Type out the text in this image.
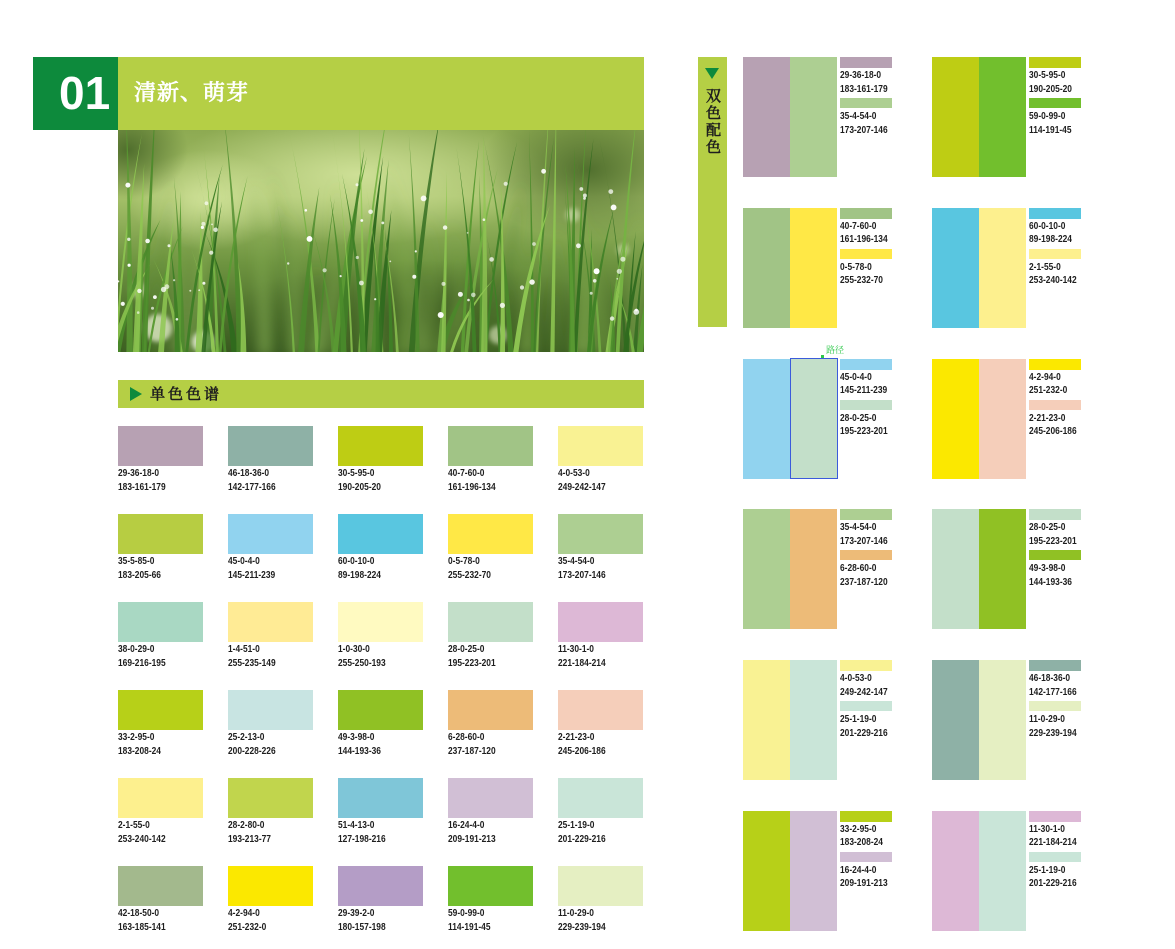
01	清新、萌芽
单色色谱
29-36-18-0
183-161-179
46-18-36-0
142-177-166
30-5-95-0
190-205-20
40-7-60-0
161-196-134
4-0-53-0
249-242-147
35-5-85-0
183-205-66
45-0-4-0
145-211-239
60-0-10-0
89-198-224
0-5-78-0
255-232-70
35-4-54-0
173-207-146
38-0-29-0
169-216-195
1-4-51-0
255-235-149
1-0-30-0
255-250-193
28-0-25-0
195-223-201
11-30-1-0
221-184-214
33-2-95-0
183-208-24
25-2-13-0
200-228-226
49-3-98-0
144-193-36
6-28-60-0
237-187-120
2-21-23-0
245-206-186
2-1-55-0
253-240-142
28-2-80-0
193-213-77
51-4-13-0
127-198-216
16-24-4-0
209-191-213
25-1-19-0
201-229-216
42-18-50-0
163-185-141
4-2-94-0
251-232-0
29-39-2-0
180-157-198
59-0-99-0
114-191-45
11-0-29-0
229-239-194
双色配色
29-36-18-0
183-161-179
35-4-54-0
173-207-146
30-5-95-0
190-205-20
59-0-99-0
114-191-45
40-7-60-0
161-196-134
0-5-78-0
255-232-70
60-0-10-0
89-198-224
2-1-55-0
253-240-142
45-0-4-0
145-211-239
28-0-25-0
195-223-201
4-2-94-0
251-232-0
2-21-23-0
245-206-186
35-4-54-0
173-207-146
6-28-60-0
237-187-120
28-0-25-0
195-223-201
49-3-98-0
144-193-36
4-0-53-0
249-242-147
25-1-19-0
201-229-216
46-18-36-0
142-177-166
11-0-29-0
229-239-194
33-2-95-0
183-208-24
16-24-4-0
209-191-213
11-30-1-0
221-184-214
25-1-19-0
201-229-216
路径
